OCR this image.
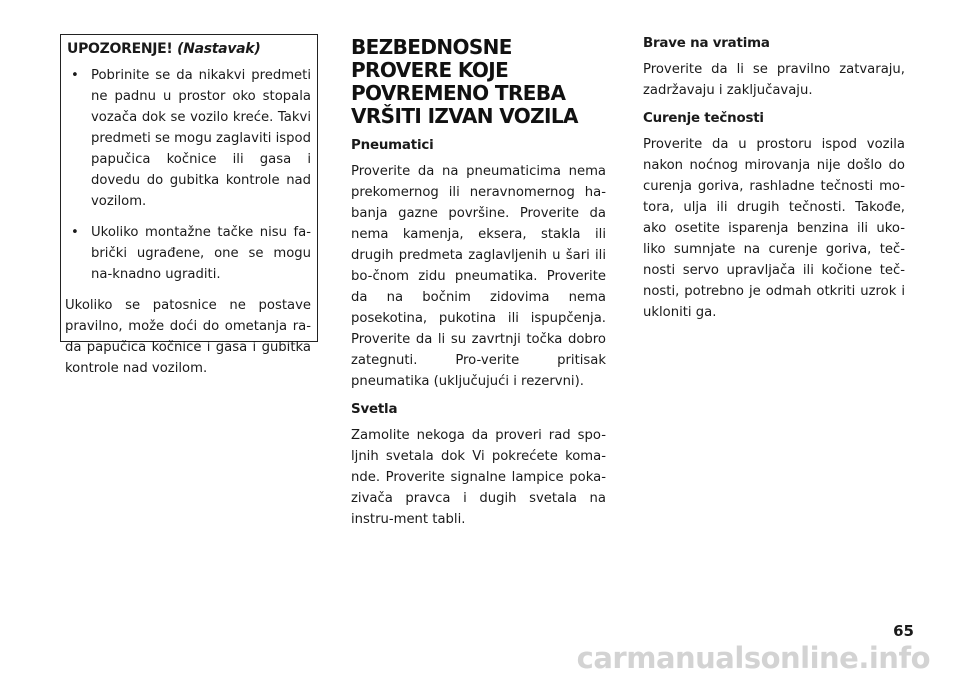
UPOZORENJE! (Nastavak)
• Pobrinite se da nikakvi predmeti ne padnu u prostor oko stopala vozača dok se vozilo kreće. Takvi predmeti se mogu zaglaviti ispod papučica kočnice ili gasa i dovedu do gubitka kontrole nad vozilom.
• Ukoliko montažne tačke nisu fa-brički ugrađene, one se mogu na-knadno ugraditi.

Ukoliko se patosnice ne postave pravilno, može doći do ometanja ra-da papučica kočnice i gasa i gubitka kontrole nad vozilom.

BEZBEDNOSNE PROVERE KOJE POVREMENO TREBA VRŠITI IZVAN VOZILA
Pneumatici

Proverite da na pneumaticima nema prekomernog ili neravnomernog ha-banja gazne površine. Proverite da nema kamenja, eksera, stakla ili drugih predmeta zaglavljenih u šari ili bo-čnom zidu pneumatika. Proverite da na bočnim zidovima nema posekotina, pukotina ili ispupčenja. Proverite da li su zavrtnji točka dobro zategnuti. Pro-verite pritisak pneumatika (uključujući i rezervni).

Svetla

Zamolite nekoga da proveri rad spo-ljnih svetala dok Vi pokrećete koma-nde. Proverite signalne lampice poka-zivača pravca i dugih svetala na instru-ment tabli.

Brave na vratima

Proverite da li se pravilno zatvaraju, zadržavaju i zaključavaju.

Curenje tečnosti

Proverite da u prostoru ispod vozila nakon noćnog mirovanja nije došlo do curenja goriva, rashladne tečnosti mo-tora, ulja ili drugih tečnosti. Takođe, ako osetite isparenja benzina ili uko-liko sumnjate na curenje goriva, teč-nosti servo upravljača ili kočione teč-nosti, potrebno je odmah otkriti uzrok i ukloniti ga.

65
carmanualsonline.info
